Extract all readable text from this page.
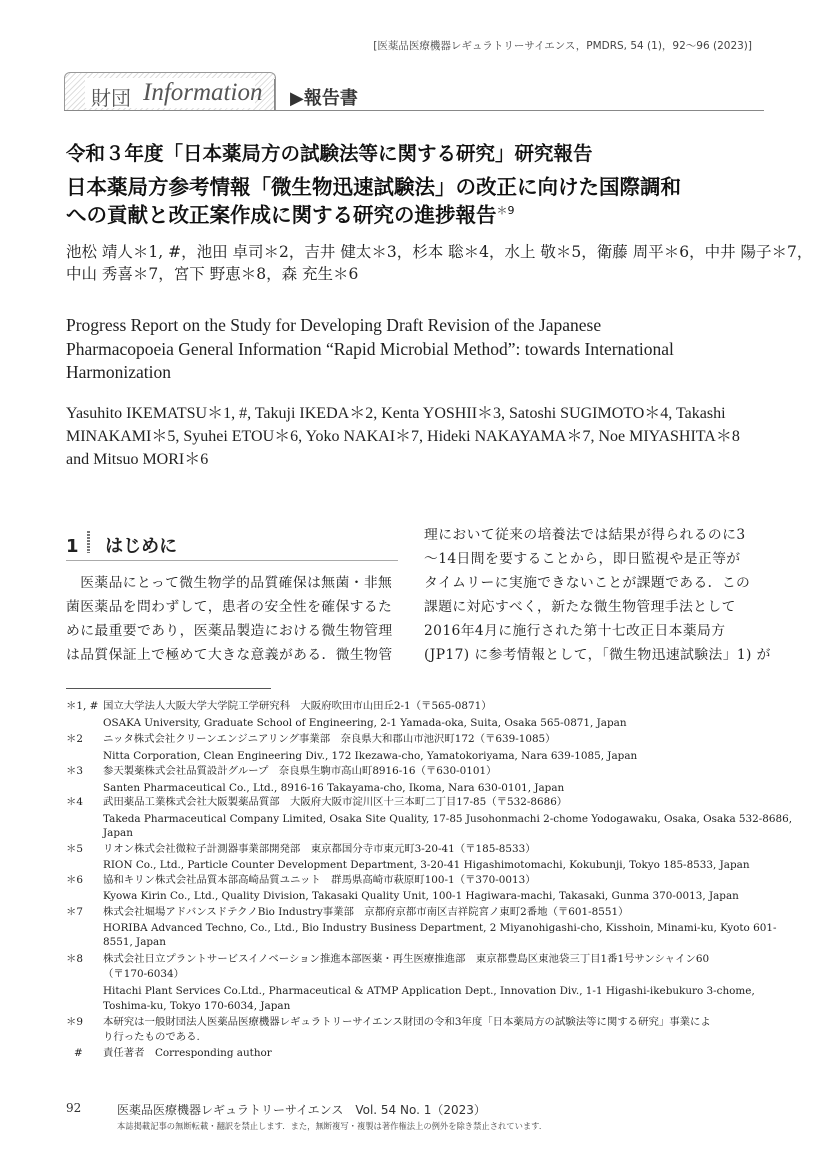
[医薬品医療機器レギュラトリーサイエンス，PMDRS, 54 (1)，92～96 (2023)]
財団 Information ▶報告書
令和３年度「日本薬局方の試験法等に関する研究」研究報告
日本薬局方参考情報「微生物迅速試験法」の改正に向けた国際調和
への貢献と改正案作成に関する研究の進捗報告$^{*9}$
池松 靖人＊1, #，池田 卓司＊2，吉井 健太＊3，杉本 聡＊4，水上 敬＊5，衛藤 周平＊6，中井 陽子＊7，
中山 秀喜＊7，宮下 野恵＊8，森 充生＊6
Progress Report on the Study for Developing Draft Revision of the Japanese
Pharmacopoeia General Information “Rapid Microbial Method”: towards International
Harmonization
Yasuhito IKEMATSU＊1, #, Takuji IKEDA＊2, Kenta YOSHII＊3, Satoshi SUGIMOTO＊4, Takashi
MINAKAMI＊5, Syuhei ETOU＊6, Yoko NAKAI＊7, Hideki NAKAYAMA＊7, Noe MIYASHITA＊8
and Mitsuo MORI＊6
1 はじめに
　医薬品にとって微生物学的品質確保は無菌・非無
菌医薬品を問わずして，患者の安全性を確保するた
めに最重要であり，医薬品製造における微生物管理
は品質保証上で極めて大きな意義がある．微生物管
理において従来の培養法では結果が得られるのに3
～14日間を要することから，即日監視や是正等が
タイムリーに実施できないことが課題である．この
課題に対応すべく，新たな微生物管理手法として
2016年4月に施行された第十七改正日本薬局方
(JP17) に参考情報として，「微生物迅速試験法」1) が
＊1, # 国立大学法人大阪大学大学院工学研究科　大阪府吹田市山田丘2-1（〒565-0871）
OSAKA University, Graduate School of Engineering, 2-1 Yamada-oka, Suita, Osaka 565-0871, Japan
＊2	ニッタ株式会社クリーンエンジニアリング事業部　奈良県大和郡山市池沢町172（〒639-1085）
Nitta Corporation, Clean Engineering Div., 172 Ikezawa-cho, Yamatokoriyama, Nara 639-1085, Japan
＊3	参天製薬株式会社品質設計グループ　奈良県生駒市高山町8916-16（〒630-0101）
Santen Pharmaceutical Co., Ltd., 8916-16 Takayama-cho, Ikoma, Nara 630-0101, Japan
＊4	武田薬品工業株式会社大阪製薬品質部　大阪府大阪市淀川区十三本町二丁目17-85（〒532-8686）
Takeda Pharmaceutical Company Limited, Osaka Site Quality, 17-85 Jusohonmachi 2-chome Yodogawaku, Osaka, Osaka 532-8686,
Japan
＊5	リオン株式会社微粒子計測器事業部開発部　東京都国分寺市東元町3-20-41（〒185-8533）
RION Co., Ltd., Particle Counter Development Department, 3-20-41 Higashimotomachi, Kokubunji, Tokyo 185-8533, Japan
＊6	協和キリン株式会社品質本部高崎品質ユニット　群馬県高崎市萩原町100-1（〒370-0013）
Kyowa Kirin Co., Ltd., Quality Division, Takasaki Quality Unit, 100-1 Hagiwara-machi, Takasaki, Gunma 370-0013, Japan
＊7	株式会社堀場アドバンスドテクノBio Industry事業部　京都府京都市南区吉祥院宮ノ東町2番地（〒601-8551）
HORIBA Advanced Techno, Co., Ltd., Bio Industry Business Department, 2 Miyanohigashi-cho, Kisshoin, Minami-ku, Kyoto 601-
8551, Japan
＊8	株式会社日立プラントサービスイノベーション推進本部医薬・再生医療推進部　東京都豊島区東池袋三丁目1番1号サンシャイン60
（〒170-6034）
Hitachi Plant Services Co.Ltd., Pharmaceutical & ATMP Application Dept., Innovation Div., 1-1 Higashi-ikebukuro 3-chome,
Toshima-ku, Tokyo 170-6034, Japan
＊9	本研究は一般財団法人医薬品医療機器レギュラトリーサイエンス財団の令和3年度「日本薬局方の試験法等に関する研究」事業によ
り行ったものである.
#	責任著者　Corresponding author
92	医薬品医療機器レギュラトリーサイエンス　Vol. 54 No. 1（2023）
本誌掲載記事の無断転載・翻訳を禁止します．また，無断複写・複製は著作権法上の例外を除き禁止されています．
